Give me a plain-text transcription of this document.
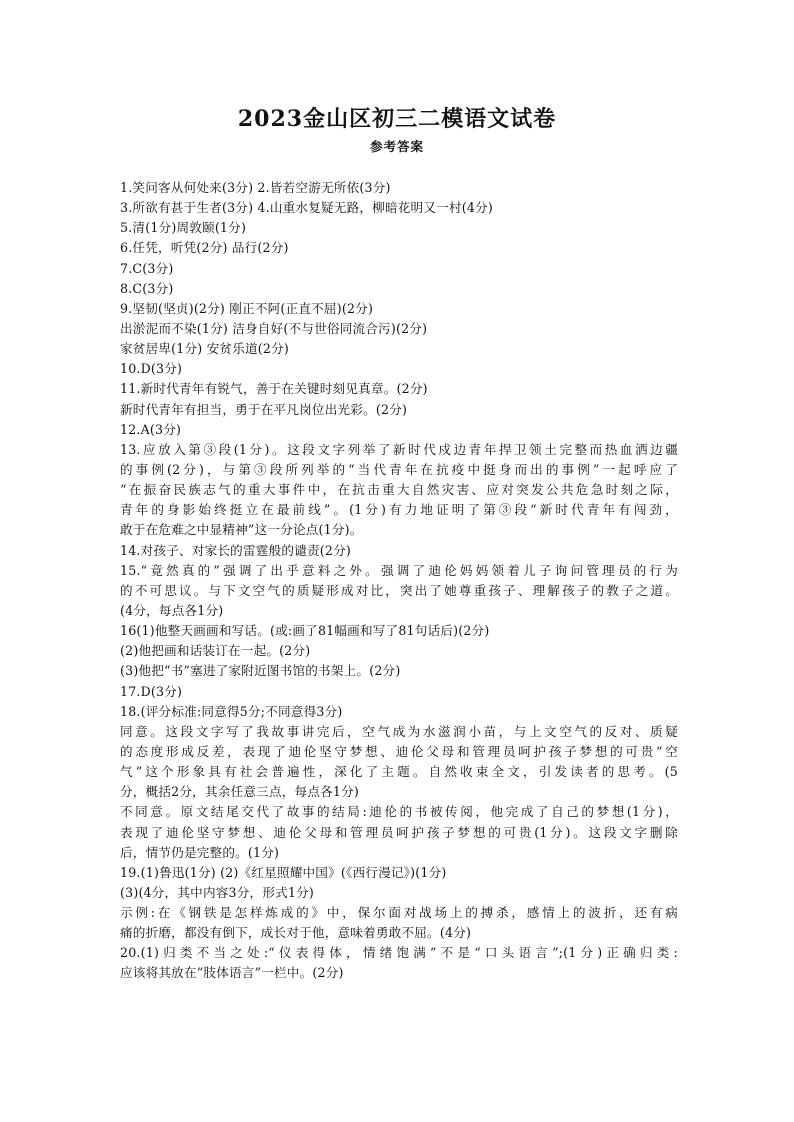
2023金山区初三二模语文试卷
参考答案
1.笑问客从何处来(3分) 2.皆若空游无所依(3分)
3.所欲有甚于生者(3分) 4.山重水复疑无路，柳暗花明又一村(4分)
5.清(1分)周敦颐(1分)
6.任凭，听凭(2分) 品行(2分)
7.C(3分)
8.C(3分)
9.坚韧(坚贞)(2分) 刚正不阿(正直不屈)(2分)
出淤泥而不染(1分) 洁身自好(不与世俗同流合污)(2分)
家贫居卑(1分) 安贫乐道(2分)
10.D(3分)
11.新时代青年有锐气，善于在关键时刻见真章。(2分)
新时代青年有担当，勇于在平凡岗位出光彩。(2分)
12.A(3分)
13.应放入第③段(1分)。这段文字列举了新时代戍边青年捍卫领土完整而热血洒边疆
的事例(2分)，与第③段所列举的“当代青年在抗疫中挺身而出的事例”一起呼应了
“在振奋民族志气的重大事件中，在抗击重大自然灾害、应对突发公共危急时刻之际，
青年的身影始终挺立在最前线”。(1分)有力地证明了第③段“新时代青年有闯劲，
敢于在危难之中显精神”这一分论点(1分)。
14.对孩子、对家长的雷霆般的谴责(2分)
15.“竟然真的”强调了出乎意料之外。强调了迪伦妈妈领着儿子询问管理员的行为
的不可思议。与下文空气的质疑形成对比，突出了她尊重孩子、理解孩子的教子之道。
(4分，每点各1分)
16(1)他整天画画和写话。(或:画了81幅画和写了81句话后)(2分)
(2)他把画和话装订在一起。(2分)
(3)他把“书”塞进了家附近图书馆的书架上。(2分)
17.D(3分)
18.(评分标准:同意得5分;不同意得3分)
同意。这段文字写了我故事讲完后，空气成为水滋润小苗，与上文空气的反对、质疑
的态度形成反差，表现了迪伦坚守梦想、迪伦父母和管理员呵护孩子梦想的可贵“空
气”这个形象具有社会普遍性，深化了主题。自然收束全文，引发读者的思考。(5
分，概括2分，其余任意三点，每点各1分)
不同意。原文结尾交代了故事的结局:迪伦的书被传阅，他完成了自己的梦想(1分)，
表现了迪伦坚守梦想、迪伦父母和管理员呵护孩子梦想的可贵(1分)。这段文字删除
后，情节仍是完整的。(1分)
19.(1)鲁迅(1分) (2)《红星照耀中国》(《西行漫记》)(1分)
(3)(4分，其中内容3分，形式1分)
示例:在《钢铁是怎样炼成的》中，保尔面对战场上的搏杀，感情上的波折，还有病
痛的折磨，都没有倒下，成长对于他，意味着勇敢不屈。(4分)
20.(1)归类不当之处:“仪表得体，情绪饱满”不是“口头语言”;(1分)正确归类:
应该将其放在“肢体语言”一栏中。(2分)
